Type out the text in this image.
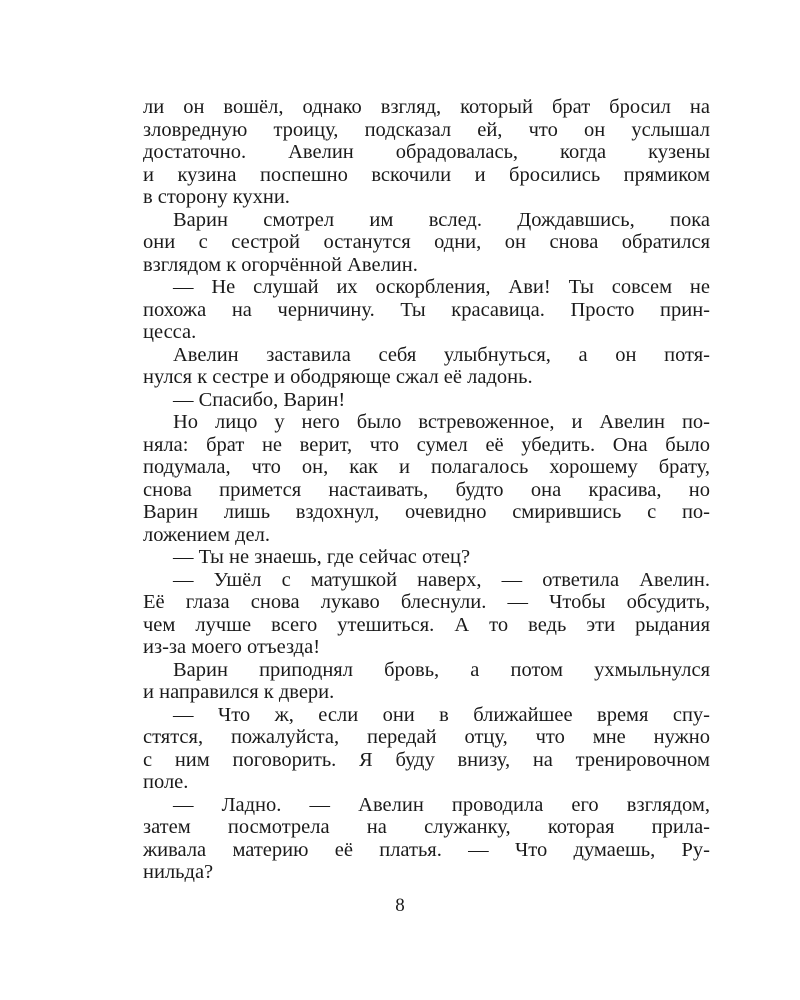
ли он вошёл, однако взгляд, который брат бросил на
зловредную троицу, подсказал ей, что он услышал
достаточно. Авелин обрадовалась, когда кузены
и кузина поспешно вскочили и бросились прямиком
в сторону кухни.
Варин смотрел им вслед. Дождавшись, пока
они с сестрой останутся одни, он снова обратился
взглядом к огорчённой Авелин.
— Не слушай их оскорбления, Ави! Ты совсем не
похожа на черничину. Ты красавица. Просто прин-
цесса.
Авелин заставила себя улыбнуться, а он потя-
нулся к сестре и ободряюще сжал её ладонь.
— Спасибо, Варин!
Но лицо у него было встревоженное, и Авелин по-
няла: брат не верит, что сумел её убедить. Она было
подумала, что он, как и полагалось хорошему брату,
снова примется настаивать, будто она красива, но
Варин лишь вздохнул, очевидно смирившись с по-
ложением дел.
— Ты не знаешь, где сейчас отец?
— Ушёл с матушкой наверх, — ответила Авелин.
Её глаза снова лукаво блеснули. — Чтобы обсудить,
чем лучше всего утешиться. А то ведь эти рыдания
из-за моего отъезда!
Варин приподнял бровь, а потом ухмыльнулся
и направился к двери.
— Что ж, если они в ближайшее время спу-
стятся, пожалуйста, передай отцу, что мне нужно
с ним поговорить. Я буду внизу, на тренировочном
поле.
— Ладно. — Авелин проводила его взглядом,
затем посмотрела на служанку, которая прила-
живала материю её платья. — Что думаешь, Ру-
нильда?
8
